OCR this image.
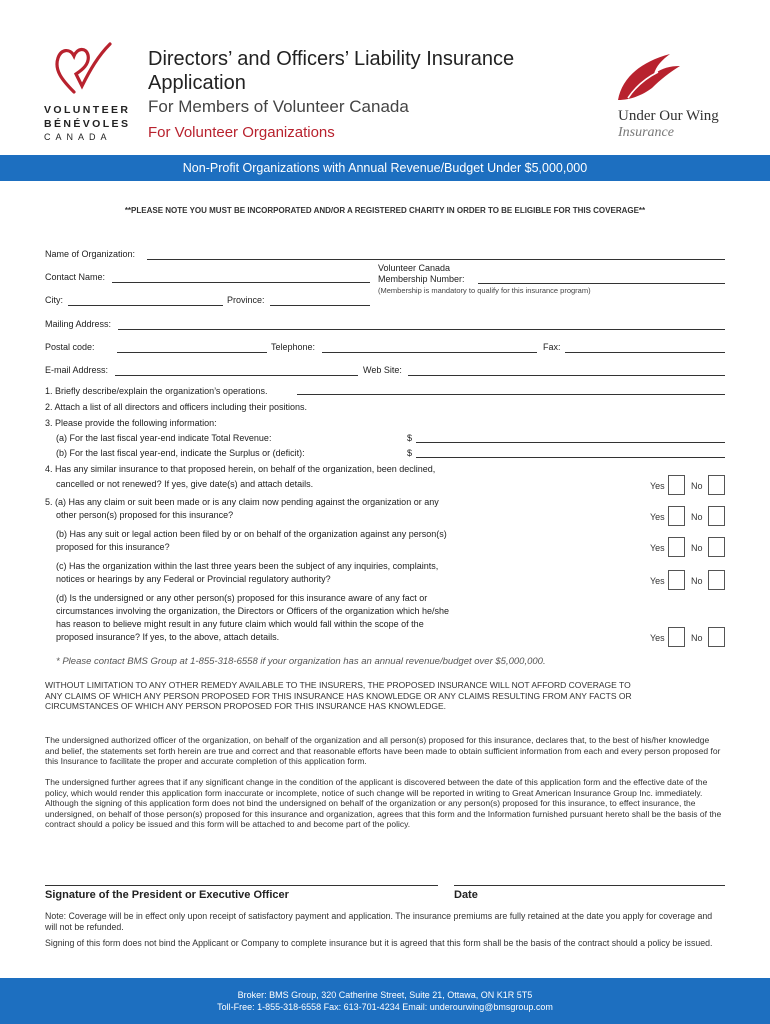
VOLUNTEER
BÉNÉVOLES
C A N A D A
Directors’ and Officers’ Liability Insurance
Application
For Members of Volunteer Canada
For Volunteer Organizations
Under Our Wing
Insurance
Non-Profit Organizations with Annual Revenue/Budget Under $5,000,000
**PLEASE NOTE YOU MUST BE INCORPORATED AND/OR A REGISTERED CHARITY IN ORDER TO BE ELIGIBLE FOR THIS COVERAGE**
Name of Organization:
Contact Name:
Volunteer Canada
Membership Number:
(Membership is mandatory to qualify for this insurance program)
City:	Province:
Mailing Address:
Postal code:	Telephone:	Fax:
E-mail Address:	Web Site:
1. Briefly describe/explain the organization’s operations.
2. Attach a list of all directors and officers including their positions.
3. Please provide the following information:
(a) For the last fiscal year-end indicate Total Revenue:	$
(b) For the last fiscal year-end, indicate the Surplus or (deficit):	$
4. Has any similar insurance to that proposed herein, on behalf of the organization, been declined,
cancelled or not renewed? If yes, give date(s) and attach details.	Yes	No
5. (a) Has any claim or suit been made or is any claim now pending against the organization or any
other person(s) proposed for this insurance?	Yes	No
(b) Has any suit or legal action been filed by or on behalf of the organization against any person(s)
proposed for this insurance?	Yes	No
(c) Has the organization within the last three years been the subject of any inquiries, complaints,
notices or hearings by any Federal or Provincial regulatory authority?	Yes	No
(d) Is the undersigned or any other person(s) proposed for this insurance aware of any fact or
circumstances involving the organization, the Directors or Officers of the organization which he/she
has reason to believe might result in any future claim which would fall within the scope of the
proposed insurance? If yes, to the above, attach details.	Yes	No
* Please contact BMS Group at 1-855-318-6558 if your organization has an annual revenue/budget over $5,000,000.
WITHOUT LIMITATION TO ANY OTHER REMEDY AVAILABLE TO THE INSURERS, THE PROPOSED INSURANCE WILL NOT AFFORD COVERAGE TO ANY CLAIMS OF WHICH ANY PERSON PROPOSED FOR THIS INSURANCE HAS KNOWLEDGE OR ANY CLAIMS RESULTING FROM ANY FACTS OR CIRCUMSTANCES OF WHICH ANY PERSON PROPOSED FOR THIS INSURANCE HAS KNOWLEDGE.
The undersigned authorized officer of the organization, on behalf of the organization and all person(s) proposed for this insurance, declares that, to the best of his/her knowledge and belief, the statements set forth herein are true and correct and that reasonable efforts have been made to obtain sufficient information from each and every person proposed for this Insurance to facilitate the proper and accurate completion of this application form.
The undersigned further agrees that if any significant change in the condition of the applicant is discovered between the date of this application form and the effective date of the policy, which would render this application form inaccurate or incomplete, notice of such change will be reported in writing to Great American Insurance Group Inc. immediately. Although the signing of this application form does not bind the undersigned on behalf of the organization or any person(s) proposed for this insurance, to effect insurance, the undersigned, on behalf of those person(s) proposed for this insurance and organization, agrees that this form and the Information furnished pursuant hereto shall be the basis of the contract should a policy be issued and this form will be attached to and become part of the policy.
Signature of the President or Executive Officer	Date
Note: Coverage will be in effect only upon receipt of satisfactory payment and application. The insurance premiums are fully retained at the date you apply for coverage and will not be refunded.
Signing of this form does not bind the Applicant or Company to complete insurance but it is agreed that this form shall be the basis of the contract should a policy be issued.
Broker: BMS Group, 320 Catherine Street, Suite 21, Ottawa, ON K1R 5T5
Toll-Free: 1-855-318-6558 Fax: 613-701-4234 Email: underourwing@bmsgroup.com
